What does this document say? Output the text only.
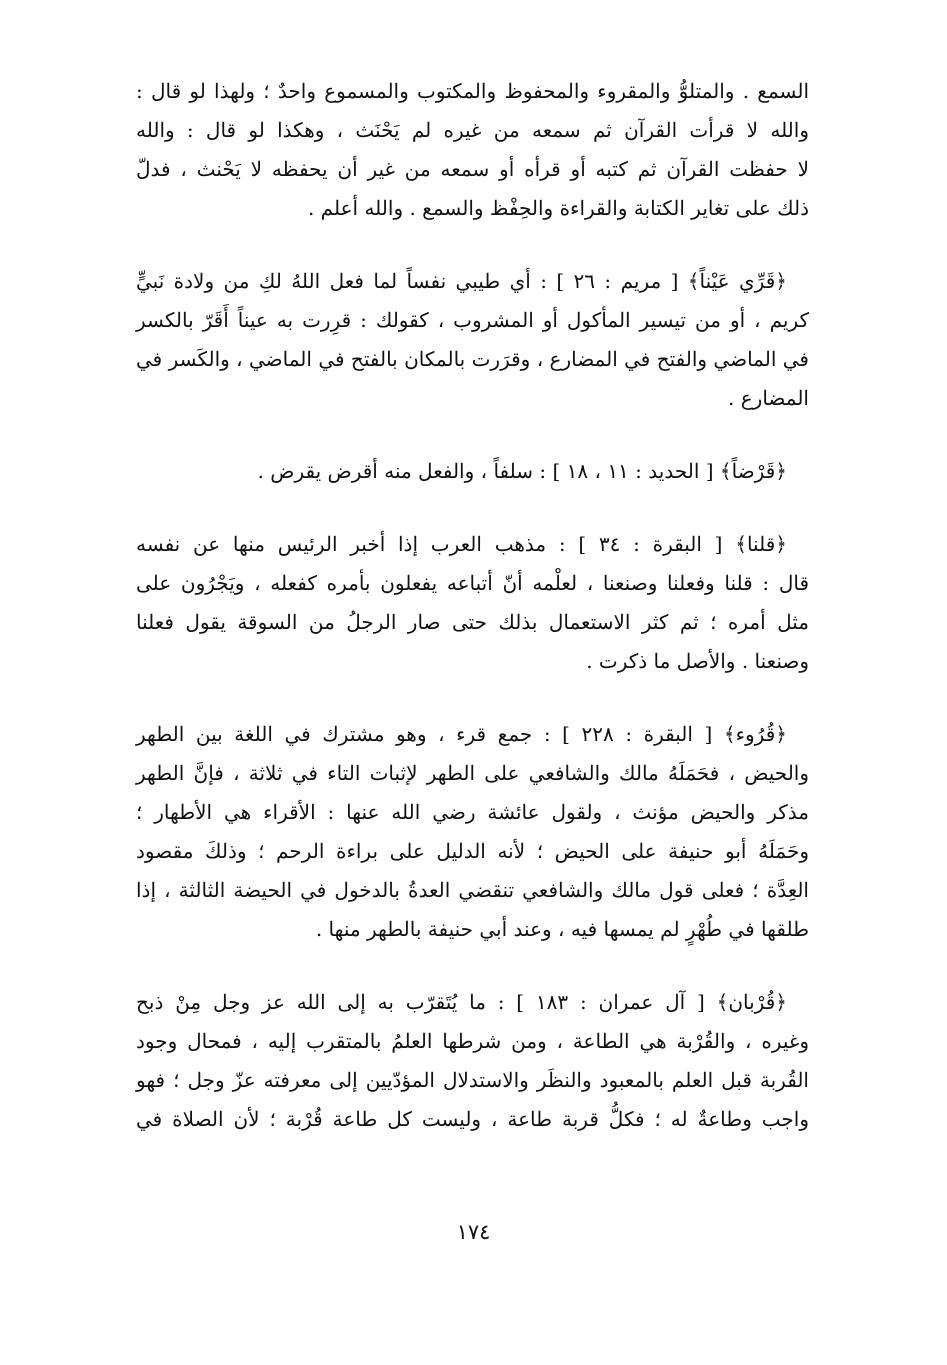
السمع . والمتلوُّ والمقروء والمحفوظ والمكتوب والمسموع واحدٌ ؛ ولهذا لو قال :
والله لا قرأت القرآن ثم سمعه من غيره لم يَحْنَث ، وهكذا لو قال : والله
لا حفظت القرآن ثم كتبه أو قرأه أو سمعه من غير أن يحفظه لا يَحْنث ، فدلّ
ذلك على تغاير الكتابة والقراءة والحِفْظ والسمع . والله أعلم .

﴿قَرِّي عَيْناً﴾ [ مريم : ٢٦ ] : أي طيبي نفساً لما فعل اللهُ لكِ من ولادة نَبيٍّ
كريم ، أو من تيسير المأكول أو المشروب ، كقولك : قرِرت به عيناً أَقَرّ بالكسر
في الماضي والفتح في المضارع ، وقرَرت بالمكان بالفتح في الماضي ، والكَسر في
المضارع .

﴿قَرْضاً﴾ [ الحديد : ١١ ، ١٨ ] : سلفاً ، والفعل منه أقرض يقرض .

﴿قلنا﴾ [ البقرة : ٣٤ ] : مذهب العرب إذا أخبر الرئيس منها عن نفسه
قال : قلنا وفعلنا وصنعنا ، لعلْمه أنّ أتباعه يفعلون بأمره كفعله ، ويَجْرُون على
مثل أمره ؛ ثم كثر الاستعمال بذلك حتى صار الرجلُ من السوقة يقول فعلنا
وصنعنا . والأصل ما ذكرت .

﴿قُرُوء﴾ [ البقرة : ٢٢٨ ] : جمع قرء ، وهو مشترك في اللغة بين الطهر
والحيض ، فحَمَلَهُ مالك والشافعي على الطهر لإثبات التاء في ثلاثة ، فإنَّ الطهر
مذكر والحيض مؤنث ، ولقول عائشة رضي الله عنها : الأقراء هي الأطهار ؛
وحَمَلَهُ أبو حنيفة على الحيض ؛ لأنه الدليل على براءة الرحم ؛ وذلكَ مقصود
العِدَّة ؛ فعلى قول مالك والشافعي تنقضي العدةُ بالدخول في الحيضة الثالثة ، إذا
طلقها في طُهْرٍ لم يمسها فيه ، وعند أبي حنيفة بالطهر منها .

﴿قُرْبان﴾ [ آل عمران : ١٨٣ ] : ما يُتَقرّب به إلى الله عز وجل مِنْ ذبح
وغيره ، والقُرْبة هي الطاعة ، ومن شرطها العلمُ بالمتقرب إليه ، فمحال وجود
القُربة قبل العلم بالمعبود والنظَر والاستدلال المؤدّيين إلى معرفته عزّ وجل ؛ فهو
واجب وطاعةٌ له ؛ فكلُّ قربة طاعة ، وليست كل طاعة قُرْبة ؛ لأن الصلاة في

١٧٤
